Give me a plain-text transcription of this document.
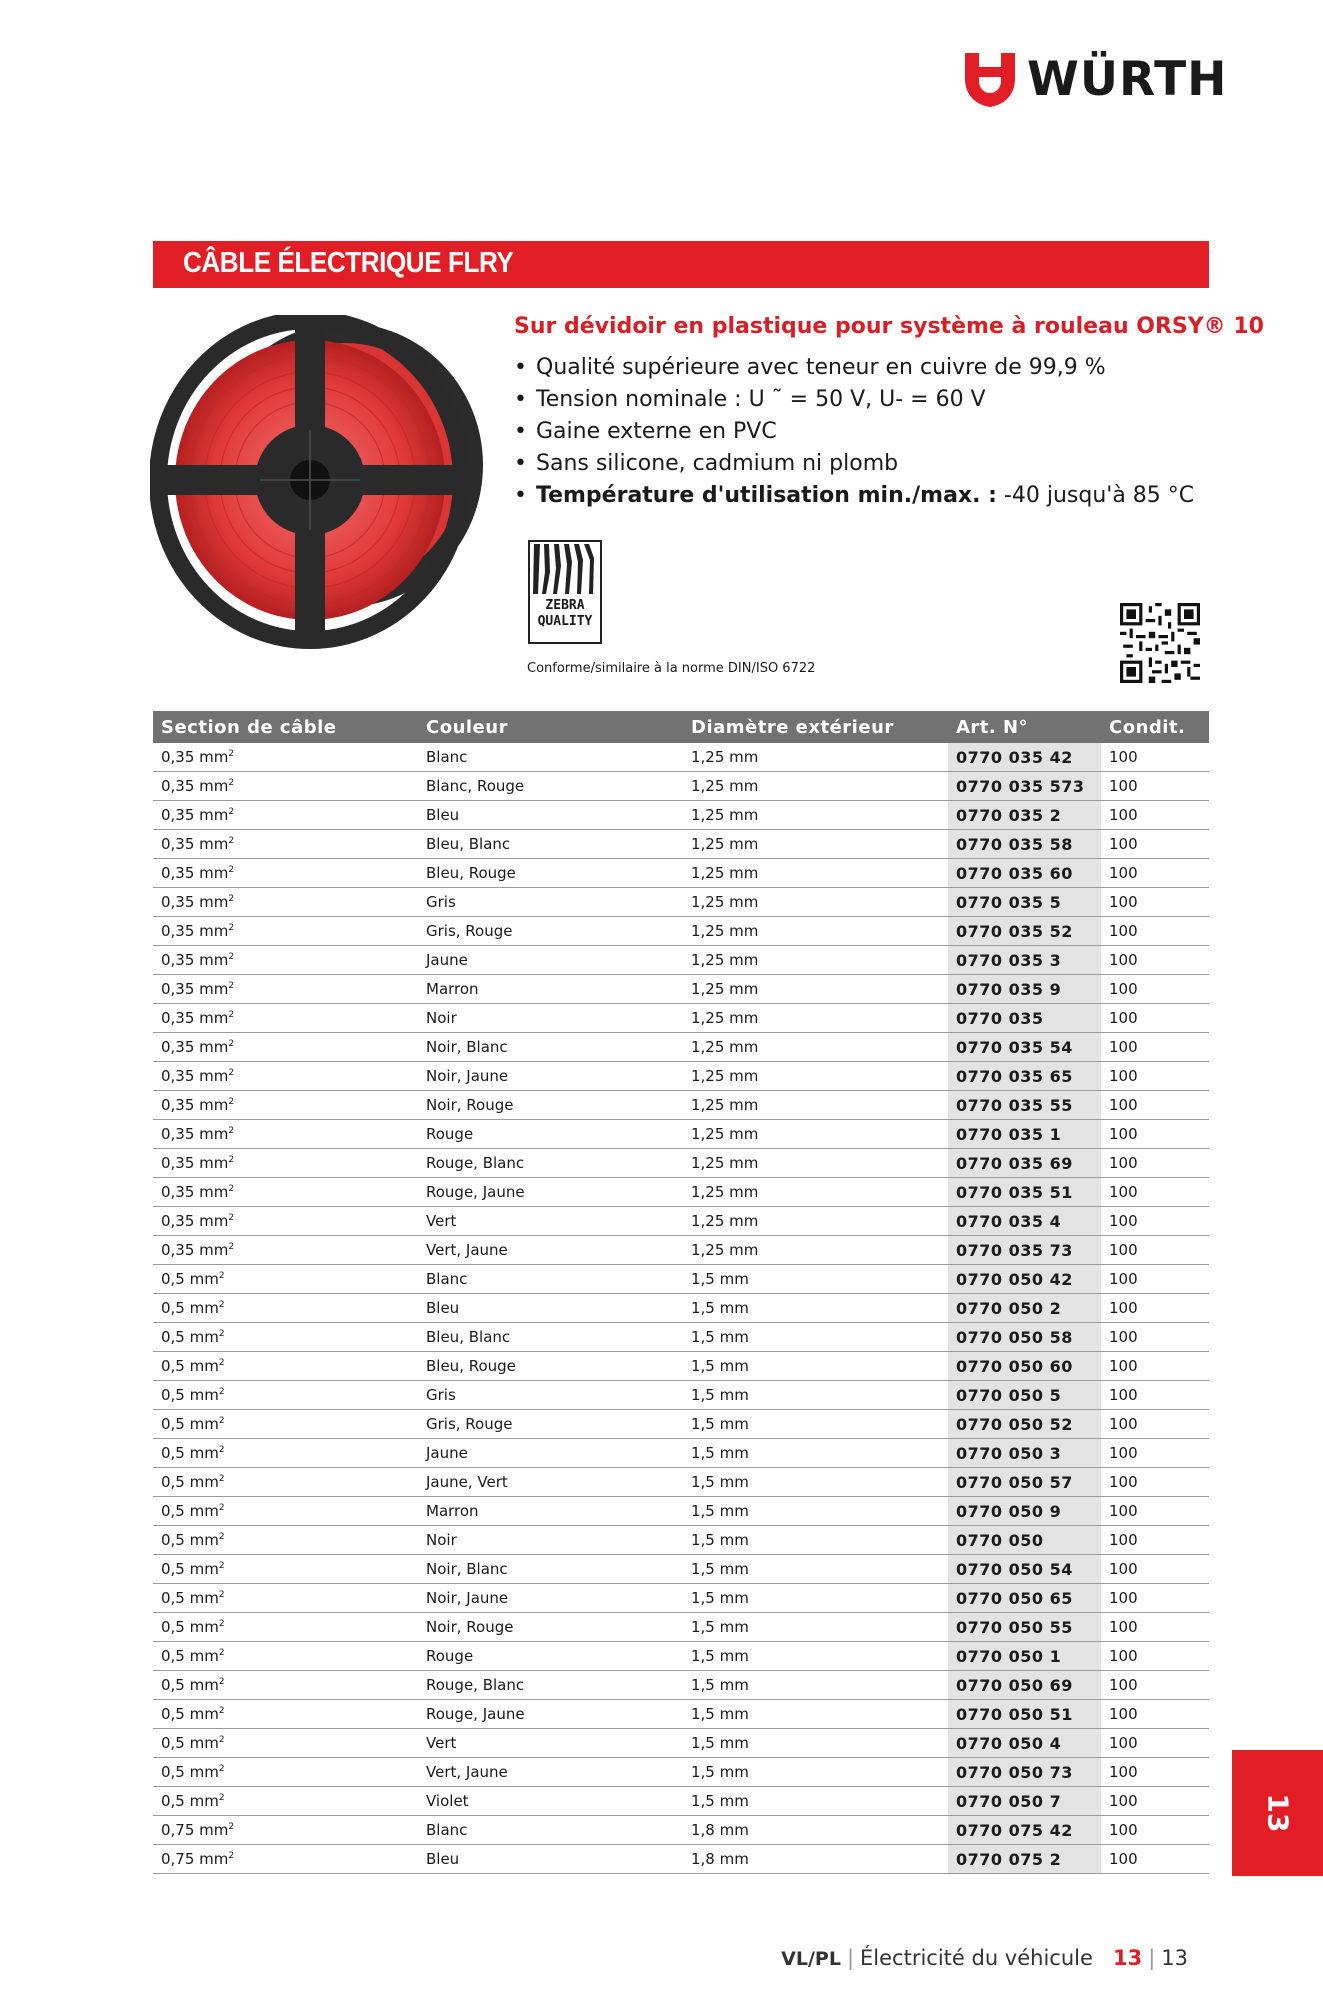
WÜRTH
CÂBLE ÉLECTRIQUE FLRY
Sur dévidoir en plastique pour système à rouleau ORSY® 10
• Qualité supérieure avec teneur en cuivre de 99,9 %
• Tension nominale : U ˜ = 50 V, U- = 60 V
• Gaine externe en PVC
• Sans silicone, cadmium ni plomb
• Température d'utilisation min./max. : -40 jusqu'à 85 °C
ZEBRA
QUALITY
Conforme/similaire à la norme DIN/ISO 6722
Section de câble	Couleur	Diamètre extérieur	Art. N°	Condit.
0,35 $mm^2$	Blanc	1,25 mm	0770 035 42	100
0,35 $mm^2$	Blanc, Rouge	1,25 mm	0770 035 573	100
0,35 $mm^2$	Bleu	1,25 mm	0770 035 2	100
0,35 $mm^2$	Bleu, Blanc	1,25 mm	0770 035 58	100
0,35 $mm^2$	Bleu, Rouge	1,25 mm	0770 035 60	100
0,35 $mm^2$	Gris	1,25 mm	0770 035 5	100
0,35 $mm^2$	Gris, Rouge	1,25 mm	0770 035 52	100
0,35 $mm^2$	Jaune	1,25 mm	0770 035 3	100
0,35 $mm^2$	Marron	1,25 mm	0770 035 9	100
0,35 $mm^2$	Noir	1,25 mm	0770 035	100
0,35 $mm^2$	Noir, Blanc	1,25 mm	0770 035 54	100
0,35 $mm^2$	Noir, Jaune	1,25 mm	0770 035 65	100
0,35 $mm^2$	Noir, Rouge	1,25 mm	0770 035 55	100
0,35 $mm^2$	Rouge	1,25 mm	0770 035 1	100
0,35 $mm^2$	Rouge, Blanc	1,25 mm	0770 035 69	100
0,35 $mm^2$	Rouge, Jaune	1,25 mm	0770 035 51	100
0,35 $mm^2$	Vert	1,25 mm	0770 035 4	100
0,35 $mm^2$	Vert, Jaune	1,25 mm	0770 035 73	100
0,5 $mm^2$	Blanc	1,5 mm	0770 050 42	100
0,5 $mm^2$	Bleu	1,5 mm	0770 050 2	100
0,5 $mm^2$	Bleu, Blanc	1,5 mm	0770 050 58	100
0,5 $mm^2$	Bleu, Rouge	1,5 mm	0770 050 60	100
0,5 $mm^2$	Gris	1,5 mm	0770 050 5	100
0,5 $mm^2$	Gris, Rouge	1,5 mm	0770 050 52	100
0,5 $mm^2$	Jaune	1,5 mm	0770 050 3	100
0,5 $mm^2$	Jaune, Vert	1,5 mm	0770 050 57	100
0,5 $mm^2$	Marron	1,5 mm	0770 050 9	100
0,5 $mm^2$	Noir	1,5 mm	0770 050	100
0,5 $mm^2$	Noir, Blanc	1,5 mm	0770 050 54	100
0,5 $mm^2$	Noir, Jaune	1,5 mm	0770 050 65	100
0,5 $mm^2$	Noir, Rouge	1,5 mm	0770 050 55	100
0,5 $mm^2$	Rouge	1,5 mm	0770 050 1	100
0,5 $mm^2$	Rouge, Blanc	1,5 mm	0770 050 69	100
0,5 $mm^2$	Rouge, Jaune	1,5 mm	0770 050 51	100
0,5 $mm^2$	Vert	1,5 mm	0770 050 4	100
0,5 $mm^2$	Vert, Jaune	1,5 mm	0770 050 73	100
0,5 $mm^2$	Violet	1,5 mm	0770 050 7	100
0,75 $mm^2$	Blanc	1,8 mm	0770 075 42	100
0,75 $mm^2$	Bleu	1,8 mm	0770 075 2	100
13
VL/PL | Électricité du véhicule 13 | 13
